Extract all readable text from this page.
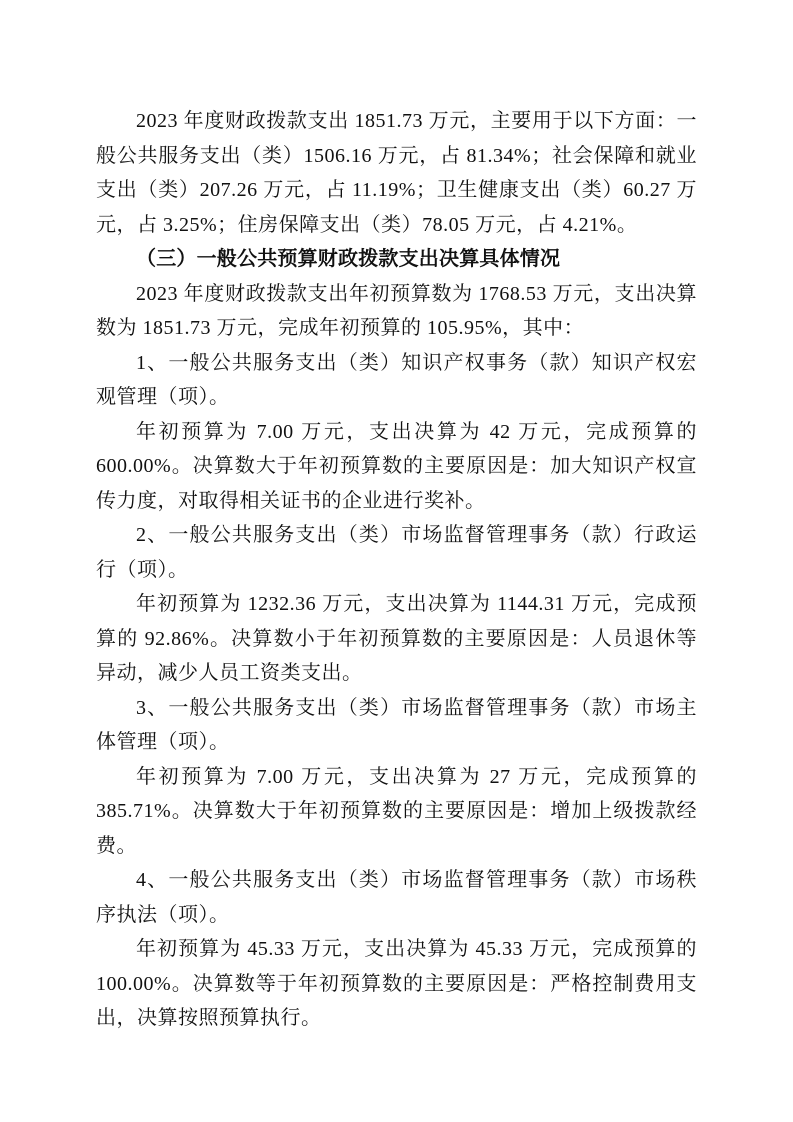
2023 年度财政拨款支出 1851.73 万元，主要用于以下方面：一般公共服务支出（类）1506.16 万元，占 81.34%；社会保障和就业支出（类）207.26 万元，占 11.19%；卫生健康支出（类）60.27 万元，占 3.25%；住房保障支出（类）78.05 万元，占 4.21%。

（三）一般公共预算财政拨款支出决算具体情况

2023 年度财政拨款支出年初预算数为 1768.53 万元，支出决算数为 1851.73 万元，完成年初预算的 105.95%，其中：

1、一般公共服务支出（类）知识产权事务（款）知识产权宏观管理（项）。

年初预算为 7.00 万元，支出决算为 42 万元，完成预算的 600.00%。决算数大于年初预算数的主要原因是：加大知识产权宣传力度，对取得相关证书的企业进行奖补。

2、一般公共服务支出（类）市场监督管理事务（款）行政运行（项）。

年初预算为 1232.36 万元，支出决算为 1144.31 万元，完成预算的 92.86%。决算数小于年初预算数的主要原因是：人员退休等异动，减少人员工资类支出。

3、一般公共服务支出（类）市场监督管理事务（款）市场主体管理（项）。

年初预算为 7.00 万元，支出决算为 27 万元，完成预算的 385.71%。决算数大于年初预算数的主要原因是：增加上级拨款经费。

4、一般公共服务支出（类）市场监督管理事务（款）市场秩序执法（项）。

年初预算为 45.33 万元，支出决算为 45.33 万元，完成预算的 100.00%。决算数等于年初预算数的主要原因是：严格控制费用支出，决算按照预算执行。
